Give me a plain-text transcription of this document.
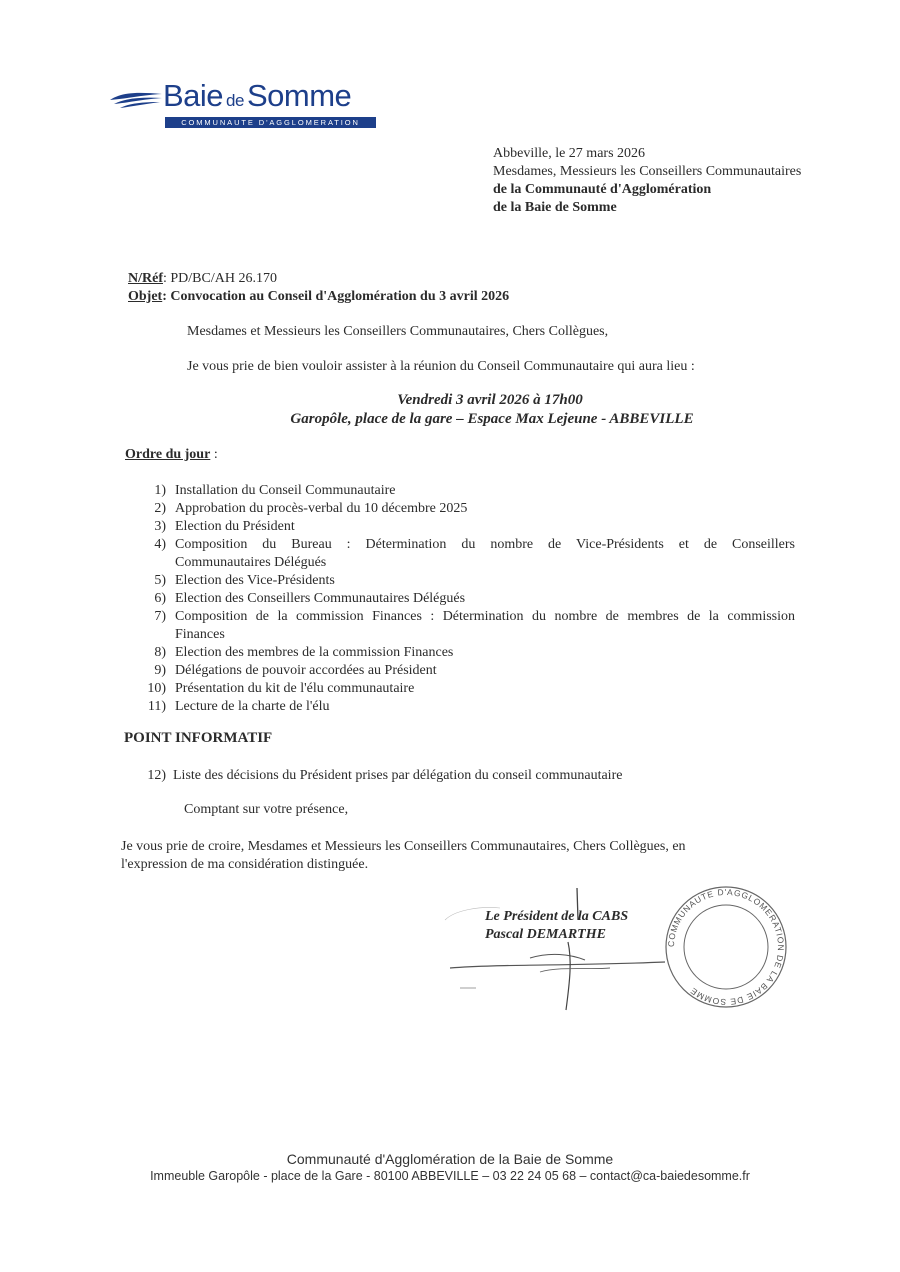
Baie deSomme
COMMUNAUTE D'AGGLOMERATION
Abbeville, le 27 mars 2026
Mesdames, Messieurs les Conseillers Communautaires
de la Communauté d'Agglomération
de la Baie de Somme
N/Réf: PD/BC/AH 26.170
Objet: Convocation au Conseil d'Agglomération du 3 avril 2026
Mesdames et Messieurs les Conseillers Communautaires, Chers Collègues,
Je vous prie de bien vouloir assister à la réunion du Conseil Communautaire qui aura lieu :
Vendredi 3 avril 2026 à 17h00
Garopôle, place de la gare – Espace Max Lejeune - ABBEVILLE
Ordre du jour :
1) Installation du Conseil Communautaire
2) Approbation du procès-verbal du 10 décembre 2025
3) Election du Président
4) Composition du Bureau : Détermination du nombre de Vice-Présidents et de Conseillers
Communautaires Délégués
5) Election des Vice-Présidents
6) Election des Conseillers Communautaires Délégués
7) Composition de la commission Finances : Détermination du nombre de membres de la commission
Finances
8) Election des membres de la commission Finances
9) Délégations de pouvoir accordées au Président
10) Présentation du kit de l'élu communautaire
11) Lecture de la charte de l'élu
POINT INFORMATIF
12) Liste des décisions du Président prises par délégation du conseil communautaire
Comptant sur votre présence,
Je vous prie de croire, Mesdames et Messieurs les Conseillers Communautaires, Chers Collègues, en
l'expression de ma considération distinguée.
Le Président de la CABS
Pascal DEMARTHE
COMMUNAUTE D'AGGLOMERATION DE LA BAIE DE SOMME
Communauté d'Agglomération de la Baie de Somme
Immeuble Garopôle - place de la Gare - 80100 ABBEVILLE – 03 22 24 05 68 – contact@ca-baiedesomme.fr
